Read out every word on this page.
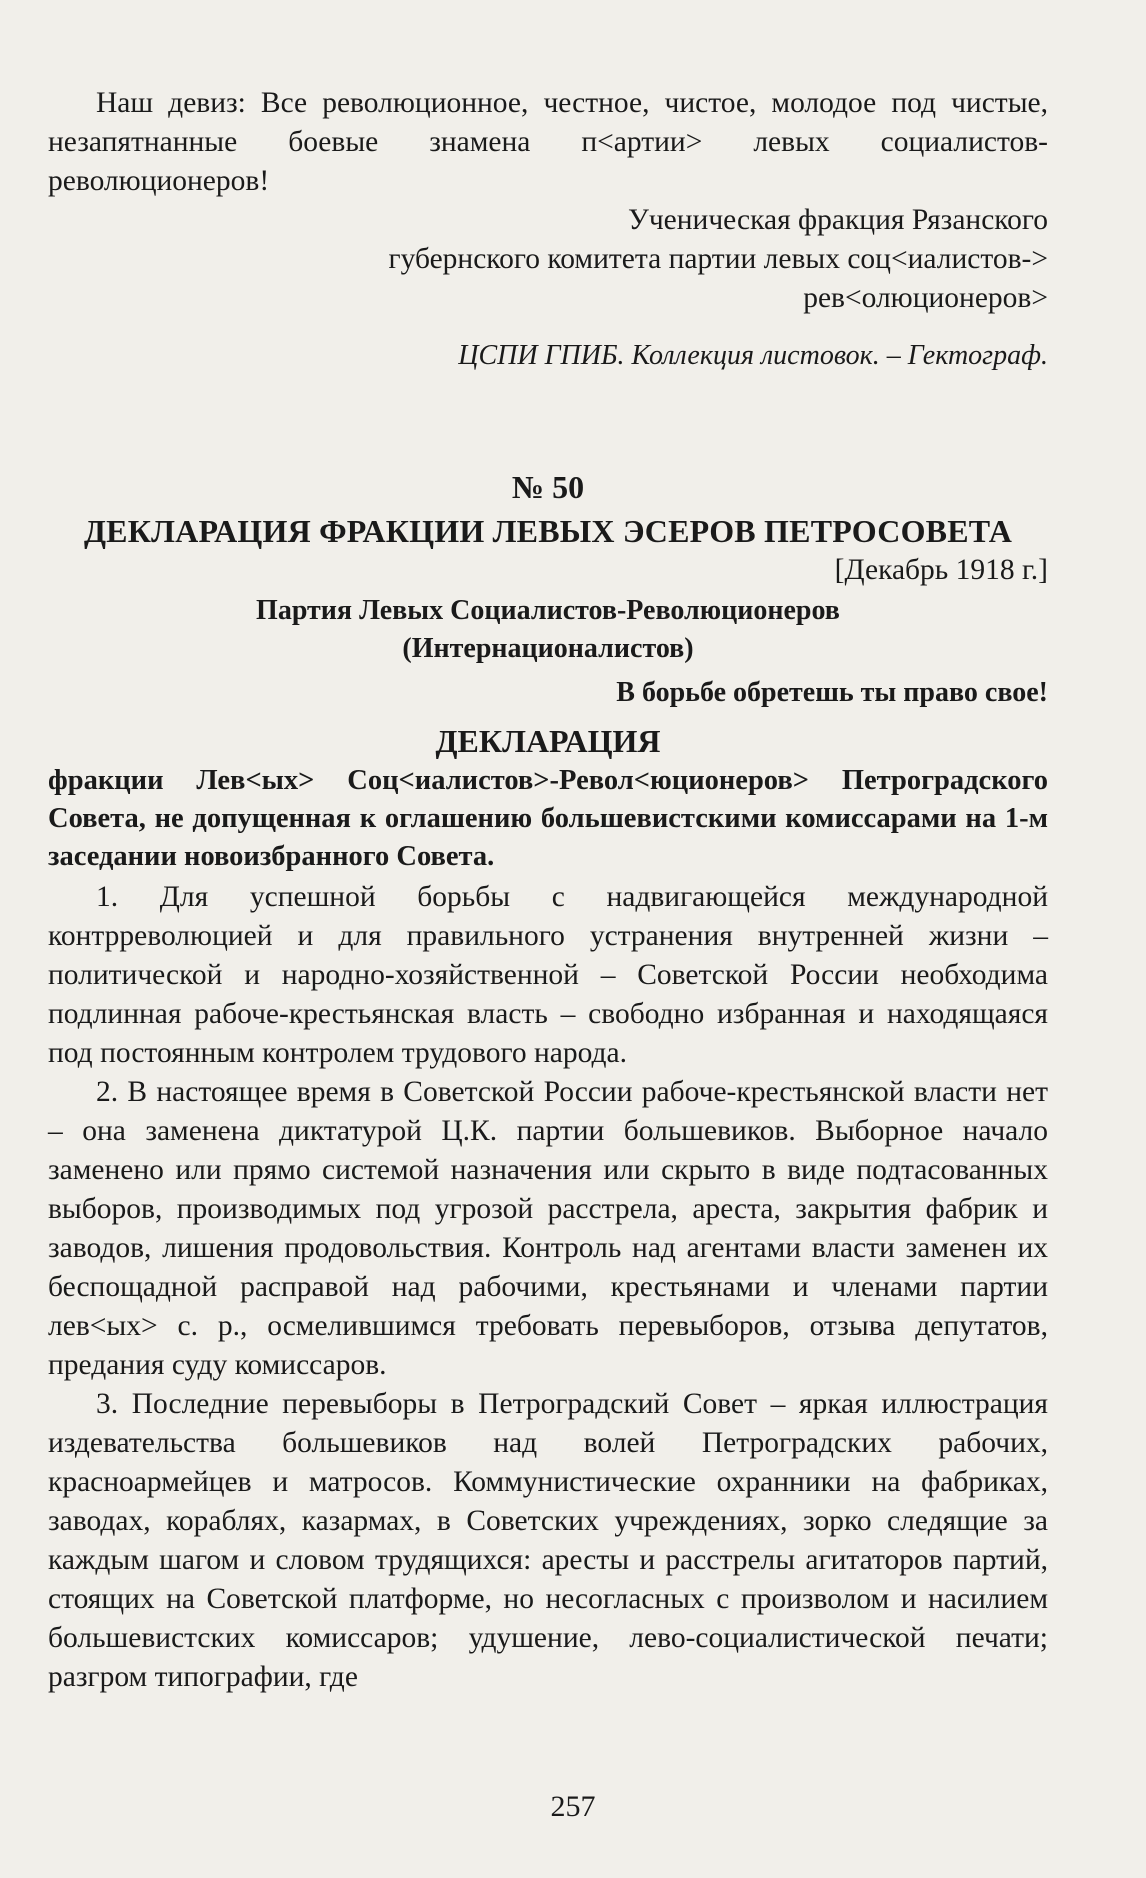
Наш девиз: Все революционное, честное, чистое, молодое под чистые, незапятнанные боевые знамена п<артии> левых социалистов-революционеров!

Ученическая фракция Рязанского

губернского комитета партии левых соц<иалистов->

рев<олюционеров>

ЦСПИ ГПИБ. Коллекция листовок. – Гектограф.

№ 50

ДЕКЛАРАЦИЯ ФРАКЦИИ ЛЕВЫХ ЭСЕРОВ ПЕТРОСОВЕТА

[Декабрь 1918 г.]

Партия Левых Социалистов-Революционеров

(Интернационалистов)

В борьбе обретешь ты право свое!

ДЕКЛАРАЦИЯ

фракции Лев<ых> Соц<иалистов>-Револ<юционеров> Петроградского Совета, не допущенная к оглашению большевистскими комиссарами на 1-м заседании новоизбранного Совета.

1. Для успешной борьбы с надвигающейся международной контрреволюцией и для правильного устранения внутренней жизни – политической и народно-хозяйственной – Советской России необходима подлинная рабоче-крестьянская власть – свободно избранная и находящаяся под постоянным контролем трудового народа.

2. В настоящее время в Советской России рабоче-крестьянской власти нет – она заменена диктатурой Ц.К. партии большевиков. Выборное начало заменено или прямо системой назначения или скрыто в виде подтасованных выборов, производимых под угрозой расстрела, ареста, закрытия фабрик и заводов, лишения продовольствия. Контроль над агентами власти заменен их беспощадной расправой над рабочими, крестьянами и членами партии лев<ых> с. р., осмелившимся требовать перевыборов, отзыва депутатов, предания суду комиссаров.

3. Последние перевыборы в Петроградский Совет – яркая иллюстрация издевательства большевиков над волей Петроградских рабочих, красноармейцев и матросов. Коммунистические охранники на фабриках, заводах, кораблях, казармах, в Советских учреждениях, зорко следящие за каждым шагом и словом трудящихся: аресты и расстрелы агитаторов партий, стоящих на Советской платформе, но несогласных с произволом и насилием большевистских комиссаров; удушение, лево-социалистической печати; разгром типографии, где

257
